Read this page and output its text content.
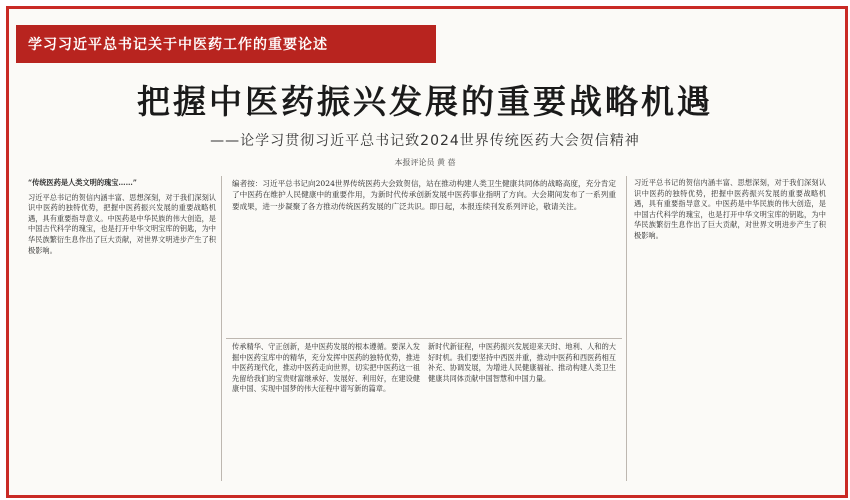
学习习近平总书记关于中医药工作的重要论述
把握中医药振兴发展的重要战略机遇
——论学习贯彻习近平总书记致2024世界传统医药大会贺信精神
本报评论员 黄 蓓
“传统医药是人类文明的瑰宝……”
习近平总书记的贺信内涵丰富、思想深刻，对于我们深刻认识中医药的独特优势，把握中医药振兴发展的重要战略机遇，具有重要指导意义。中医药是中华民族的伟大创造，是中国古代科学的瑰宝，也是打开中华文明宝库的钥匙，为中华民族繁衍生息作出了巨大贡献，对世界文明进步产生了积极影响。
编者按：习近平总书记向2024世界传统医药大会致贺信，站在推动构建人类卫生健康共同体的战略高度，充分肯定了中医药在维护人民健康中的重要作用，为新时代传承创新发展中医药事业指明了方向。大会期间发布了一系列重要成果，进一步凝聚了各方推动传统医药发展的广泛共识。即日起，本报连续刊发系列评论，敬请关注。
传承精华、守正创新，是中医药发展的根本遵循。要深入发掘中医药宝库中的精华，充分发挥中医药的独特优势，推进中医药现代化，推动中医药走向世界，切实把中医药这一祖先留给我们的宝贵财富继承好、发展好、利用好，在建设健康中国、实现中国梦的伟大征程中谱写新的篇章。
新时代新征程，中医药振兴发展迎来天时、地利、人和的大好时机。我们要坚持中西医并重，推动中医药和西医药相互补充、协调发展，为增进人民健康福祉、推动构建人类卫生健康共同体贡献中国智慧和中国力量。
习近平总书记的贺信内涵丰富、思想深刻，对于我们深刻认识中医药的独特优势，把握中医药振兴发展的重要战略机遇，具有重要指导意义。中医药是中华民族的伟大创造，是中国古代科学的瑰宝，也是打开中华文明宝库的钥匙，为中华民族繁衍生息作出了巨大贡献，对世界文明进步产生了积极影响。
